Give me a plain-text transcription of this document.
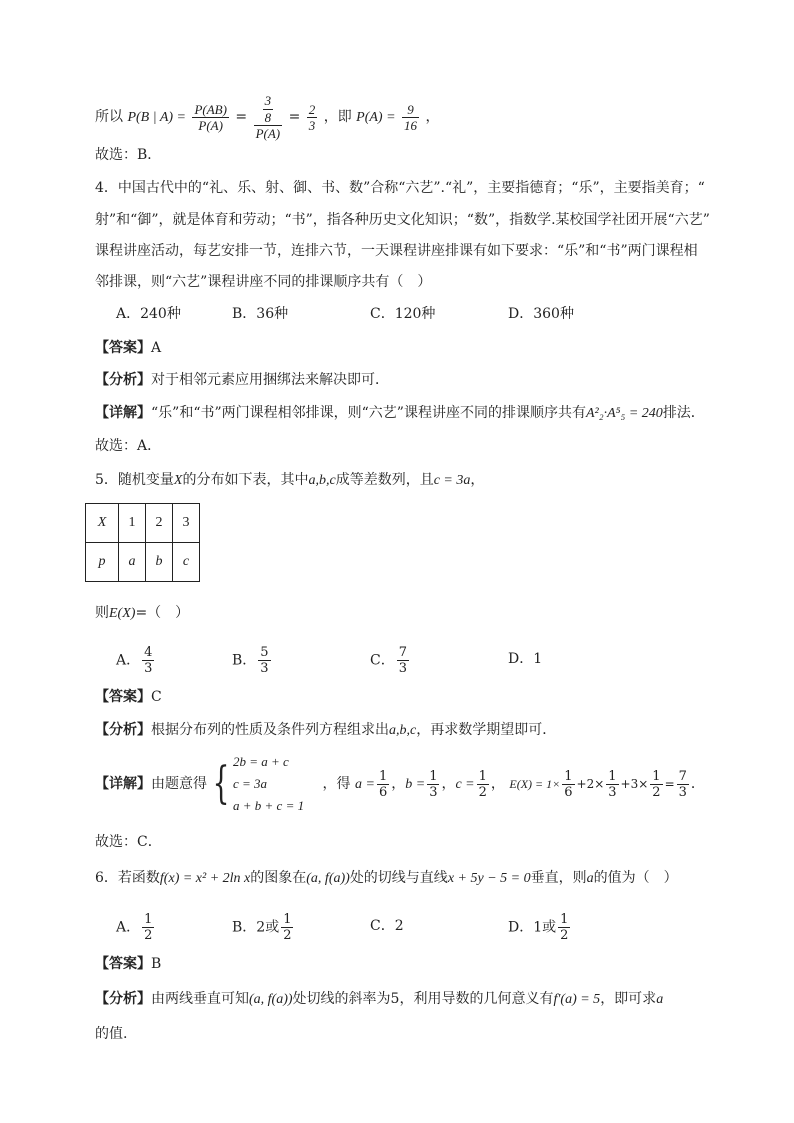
所以 P(B | $A) = \frac{P(AB)}{P(A)} = \frac{\frac{3}{8}}{P(A)} = \frac{2}{3}$ ，即 $P(A) = \frac{9}{16}$ ，
故选：B．
4．中国古代中的“礼、乐、射、御、书、数”合称“六艺”.“礼”，主要指德育；“乐”，主要指美育；“
射”和“御”，就是体育和劳动；“书”，指各种历史文化知识；“数”，指数学.某校国学社团开展“六艺”
课程讲座活动，每艺安排一节，连排六节，一天课程讲座排课有如下要求：“乐”和“书”两门课程相
邻排课，则“六艺”课程讲座不同的排课顺序共有（　）
A．240种	B．36种	C．120种	D．360种
【答案】A
【分析】对于相邻元素应用捆绑法来解决即可．
【详解】“乐”和“书”两门课程相邻排课，则“六艺”课程讲座不同的排课顺序共有A²₂·A⁵₅ = 240排法．
故选：A．
5．随机变量X的分布如下表，其中a,b,c成等差数列，且c = 3a，
X	1	2	3
p	a	b	c
则E(X)=（　）
A． $\frac{4}{3}$	B． $\frac{5}{3}$	C． $\frac{7}{3}$	D．1
【答案】C
【分析】根据分布列的性质及条件列方程组求出a,b,c，再求数学期望即可．
【详解】由题意得 { 2b = a + c
c = 3a
a + b + c = 1
，得 $a = \frac{1}{6}$ ，$b = \frac{1}{3}$ ，$c = \frac{1}{2}$ ， $E(X) = 1\times \frac{1}{6} +2\times \frac{1}{3} +3\times \frac{1}{2} = \frac{7}{3}$ ．
故选：C．
6．若函数f(x) = x² + 2ln x的图象在(a, f(a))处的切线与直线x + 5y − 5 = 0垂直，则a的值为（　）
A． $\frac{1}{2}$	B．2或 $\frac{1}{2}$	C．2	D．1或 $\frac{1}{2}$
【答案】B
【分析】由两线垂直可知(a, f(a))处切线的斜率为5，利用导数的几何意义有f′(a) = 5，即可求a
的值.
